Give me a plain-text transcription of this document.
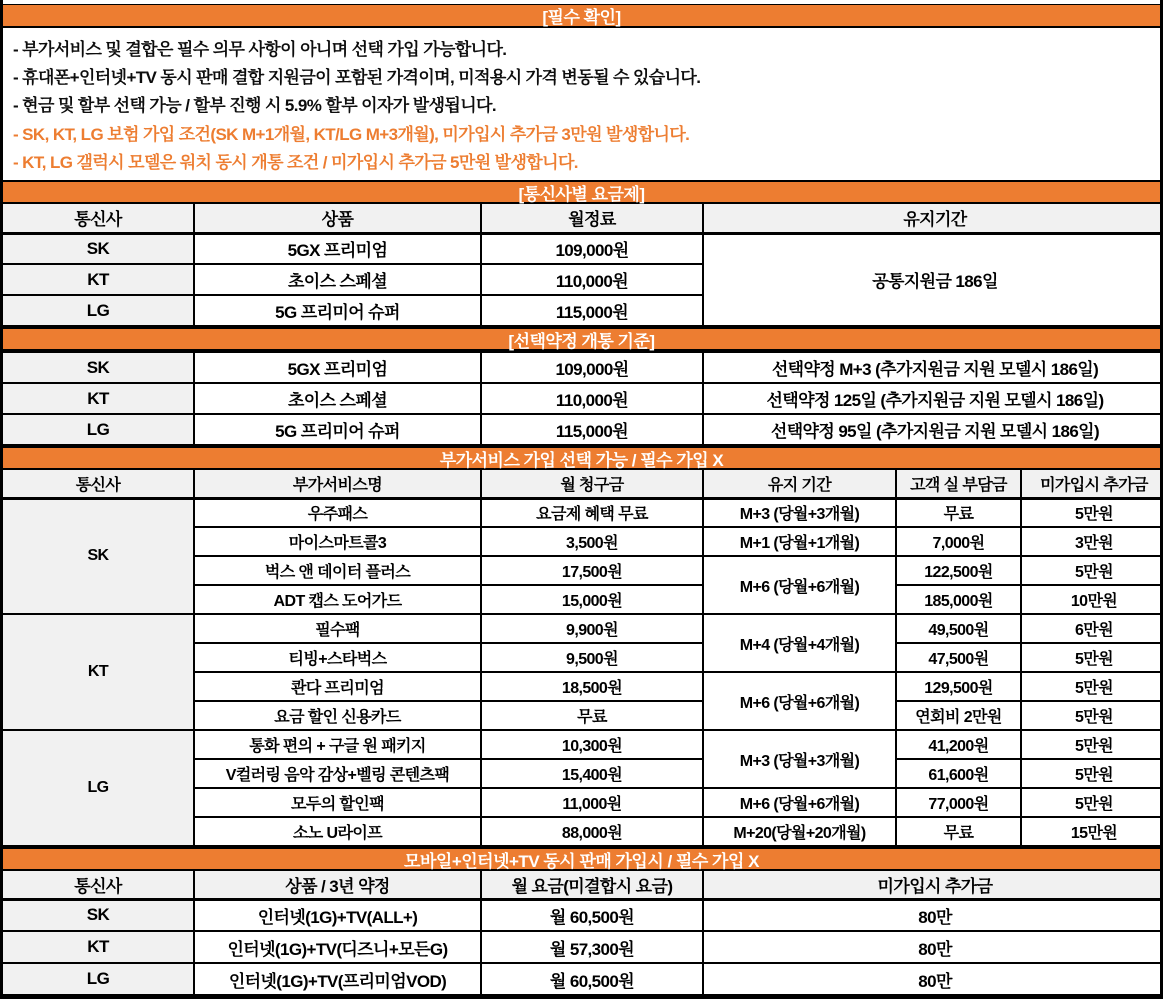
[필수 확인]
- 부가서비스 및 결합은 필수 의무 사항이 아니며 선택 가입 가능합니다.
- 휴대폰+인터넷+TV 동시 판매 결합 지원금이 포함된 가격이며, 미적용시 가격 변동될 수 있습니다.
- 현금 및 할부 선택 가능 / 할부 진행 시 5.9% 할부 이자가 발생됩니다.
- SK, KT, LG 보험 가입 조건(SK M+1개월, KT/LG M+3개월), 미가입시 추가금 3만원 발생합니다.
- KT, LG 갤럭시 모델은 워치 동시 개통 조건 / 미가입시 추가금 5만원 발생합니다.
[통신사별 요금제]
통신사	상품	월정료	유지기간
SK	5GX 프리미엄	109,000원	공통지원금 186일
KT	초이스 스페셜	110,000원	
LG	5G 프리미어 슈퍼	115,000원	
[선택약정 개통 기준]
SK	5GX 프리미엄	109,000원	선택약정 M+3 (추가지원금 지원 모델시 186일)
KT	초이스 스페셜	110,000원	선택약정 125일 (추가지원금 지원 모델시 186일)
LG	5G 프리미어 슈퍼	115,000원	선택약정 95일 (추가지원금 지원 모델시 186일)
부가서비스 가입 선택 가능 / 필수 가입 X
통신사	부가서비스명	월 청구금	유지 기간	고객 실 부담금	미가입시 추가금
SK	우주패스	요금제 혜택 무료	M+3 (당월+3개월)	무료	5만원
	마이스마트콜3	3,500원	M+1 (당월+1개월)	7,000원	3만원
	벅스 앤 데이터 플러스	17,500원	M+6 (당월+6개월)	122,500원	5만원
	ADT 캡스 도어가드	15,000원		185,000원	10만원
KT	필수팩	9,900원	M+4 (당월+4개월)	49,500원	6만원
	티빙+스타벅스	9,500원		47,500원	5만원
	콴다 프리미엄	18,500원	M+6 (당월+6개월)	129,500원	5만원
	요금 할인 신용카드	무료		연회비 2만원	5만원
LG	통화 편의 + 구글 원 패키지	10,300원	M+3 (당월+3개월)	41,200원	5만원
	V컬러링 음악 감상+벨링 콘텐츠팩	15,400원		61,600원	5만원
	모두의 할인팩	11,000원	M+6 (당월+6개월)	77,000원	5만원
	소노 U라이프	88,000원	M+20(당월+20개월)	무료	15만원
모바일+인터넷+TV 동시 판매 가입시 / 필수 가입 X
통신사	상품 / 3년 약정	월 요금(미결합시 요금)	미가입시 추가금
SK	인터넷(1G)+TV(ALL+)	월 60,500원	80만
KT	인터넷(1G)+TV(디즈니+모든G)	월 57,300원	80만
LG	인터넷(1G)+TV(프리미엄VOD)	월 60,500원	80만
